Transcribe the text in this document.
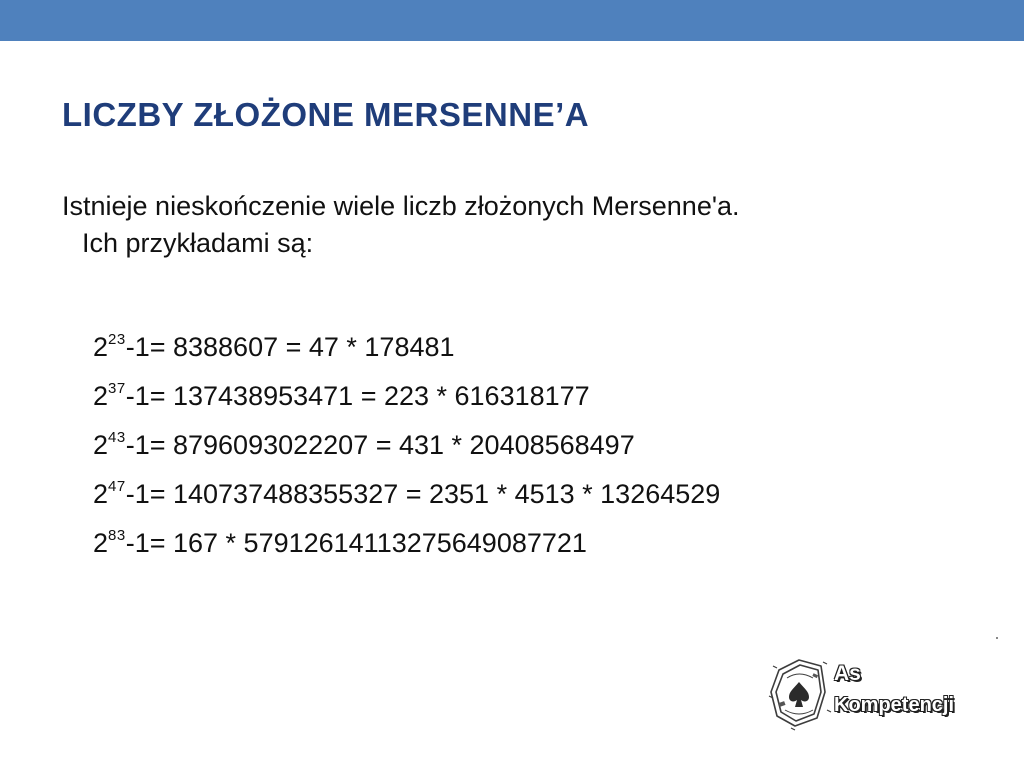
LICZBY ZŁOŻONE MERSENNE’A
Istnieje nieskończenie wiele liczb złożonych Mersenne'a.
Ich przykładami są:
$2^{23}-1= 8388607 = 47 * 178481$
$2^{37}-1= 137438953471 = 223 * 616318177$
$2^{43}-1= 8796093022207 = 431 * 20408568497$
$2^{47}-1= 140737488355327 = 2351 * 4513 * 13264529$
$2^{83}-1= 167 * 57912614113275649087721$
As
Kompetencji
